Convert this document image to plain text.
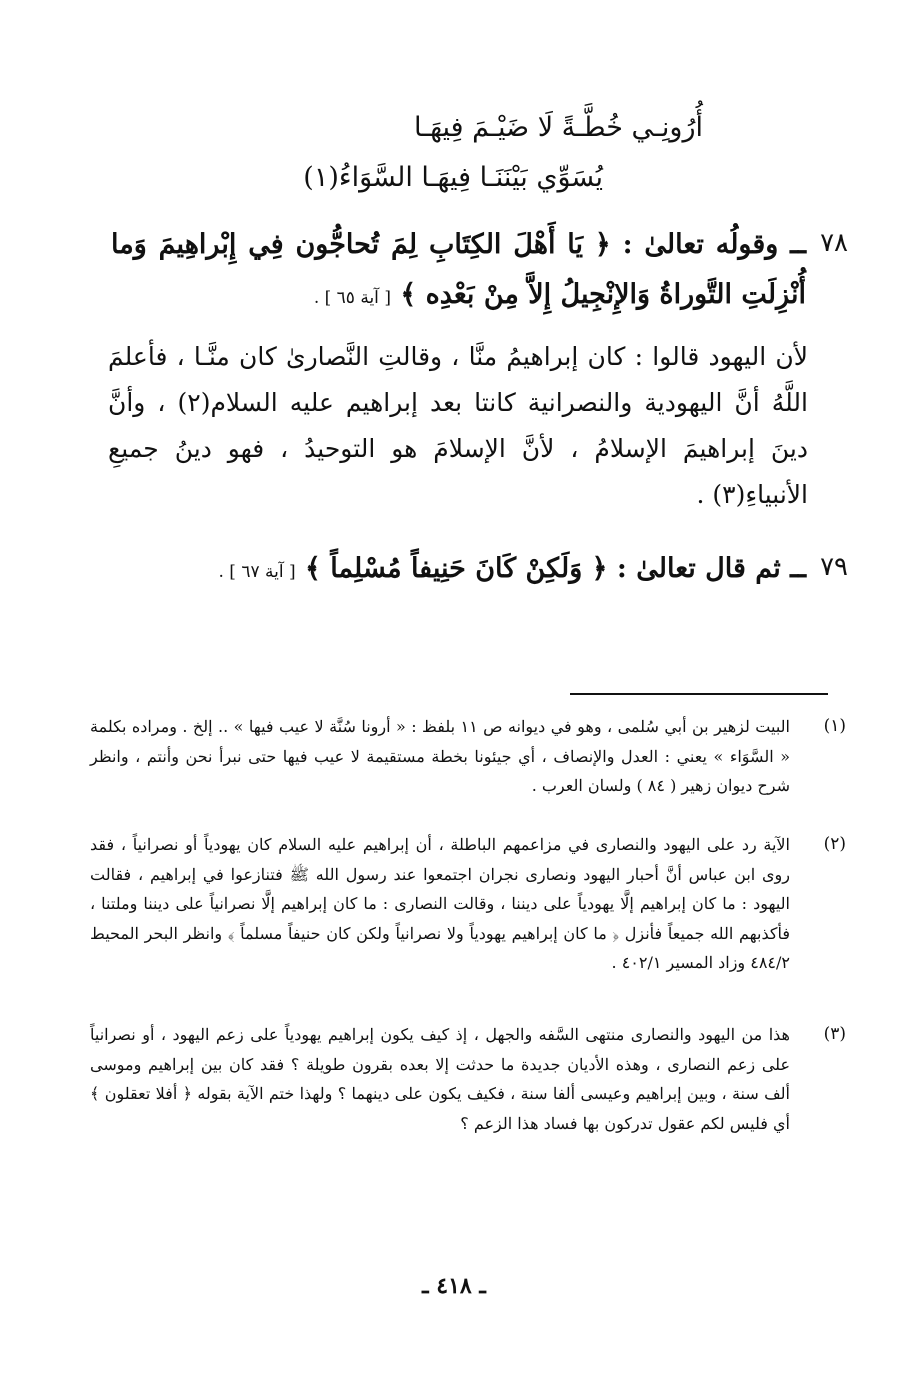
أُرُونِـي خُطَّـةً لَا ضَيْـمَ فِيهَـا
يُسَوِّي بَيْنَنَـا فِيهَـا السَّوَاءُ(١)
٧٨
ــ وقولُه تعالىٰ : ﴿ يَا أَهْلَ الكِتَابِ لِمَ تُحاجُّون فِي إِبْراهِيمَ وَما أُنْزِلَتِ التَّوراةُ وَالإِنْجِيلُ إِلاَّ مِنْ بَعْدِه ﴾ [ آية ٦٥ ] .
لأن اليهود قالوا : كان إبراهيمُ منَّا ، وقالتِ النَّصارىٰ كان منَّـا ، فأعلمَ اللَّهُ أنَّ اليهودية والنصرانية كانتا بعد إبراهيم عليه السلام(٢) ، وأنَّ دينَ إبراهيمَ الإسلامُ ، لأنَّ الإسلامَ هو التوحيدُ ، فهو دينُ جميعِ الأنبياءِ(٣) .
٧٩
ــ ثم قال تعالىٰ : ﴿ وَلَكِنْ كَانَ حَنِيفاً مُسْلِماً ﴾ [ آية ٦٧ ] .
(١)
البيت لزهير بن أبي سُلمى ، وهو في ديوانه ص ١١ بلفظ : « أرونا سُنَّة لا عيب فيها » .. إلخ . ومراده بكلمة « السَّوَاء » يعني : العدل والإنصاف ، أي جيئونا بخطة مستقيمة لا عيب فيها حتى نبرأ نحن وأنتم ، وانظر شرح ديوان زهير ( ٨٤ ) ولسان العرب .
(٢)
الآية رد على اليهود والنصارى في مزاعمهم الباطلة ، أن إبراهيم عليه السلام كان يهودياً أو نصرانياً ، فقد روى ابن عباس أنَّ أحبار اليهود ونصارى نجران اجتمعوا عند رسول الله ﷺ فتنازعوا في إبراهيم ، فقالت اليهود : ما كان إبراهيم إلَّا يهودياً على ديننا ، وقالت النصارى : ما كان إبراهيم إلَّا نصرانياً على ديننا وملتنا ، فأكذبهم الله جميعاً فأنزل ﴿ ما كان إبراهيم يهودياً ولا نصرانياً ولكن كان حنيفاً مسلماً ﴾ وانظر البحر المحيط ٤٨٤/٢ وزاد المسير ٤٠٢/١ .
(٣)
هذا من اليهود والنصارى منتهى السَّفه والجهل ، إذ كيف يكون إبراهيم يهودياً على زعم اليهود ، أو نصرانياً على زعم النصارى ، وهذه الأديان جديدة ما حدثت إلا بعده بقرون طويلة ؟ فقد كان بين إبراهيم وموسى ألف سنة ، وبين إبراهيم وعيسى ألفا سنة ، فكيف يكون على دينهما ؟ ولهذا ختم الآية بقوله ﴿ أفلا تعقلون ﴾ أي فليس لكم عقول تدركون بها فساد هذا الزعم ؟
ـ ٤١٨ ـ
